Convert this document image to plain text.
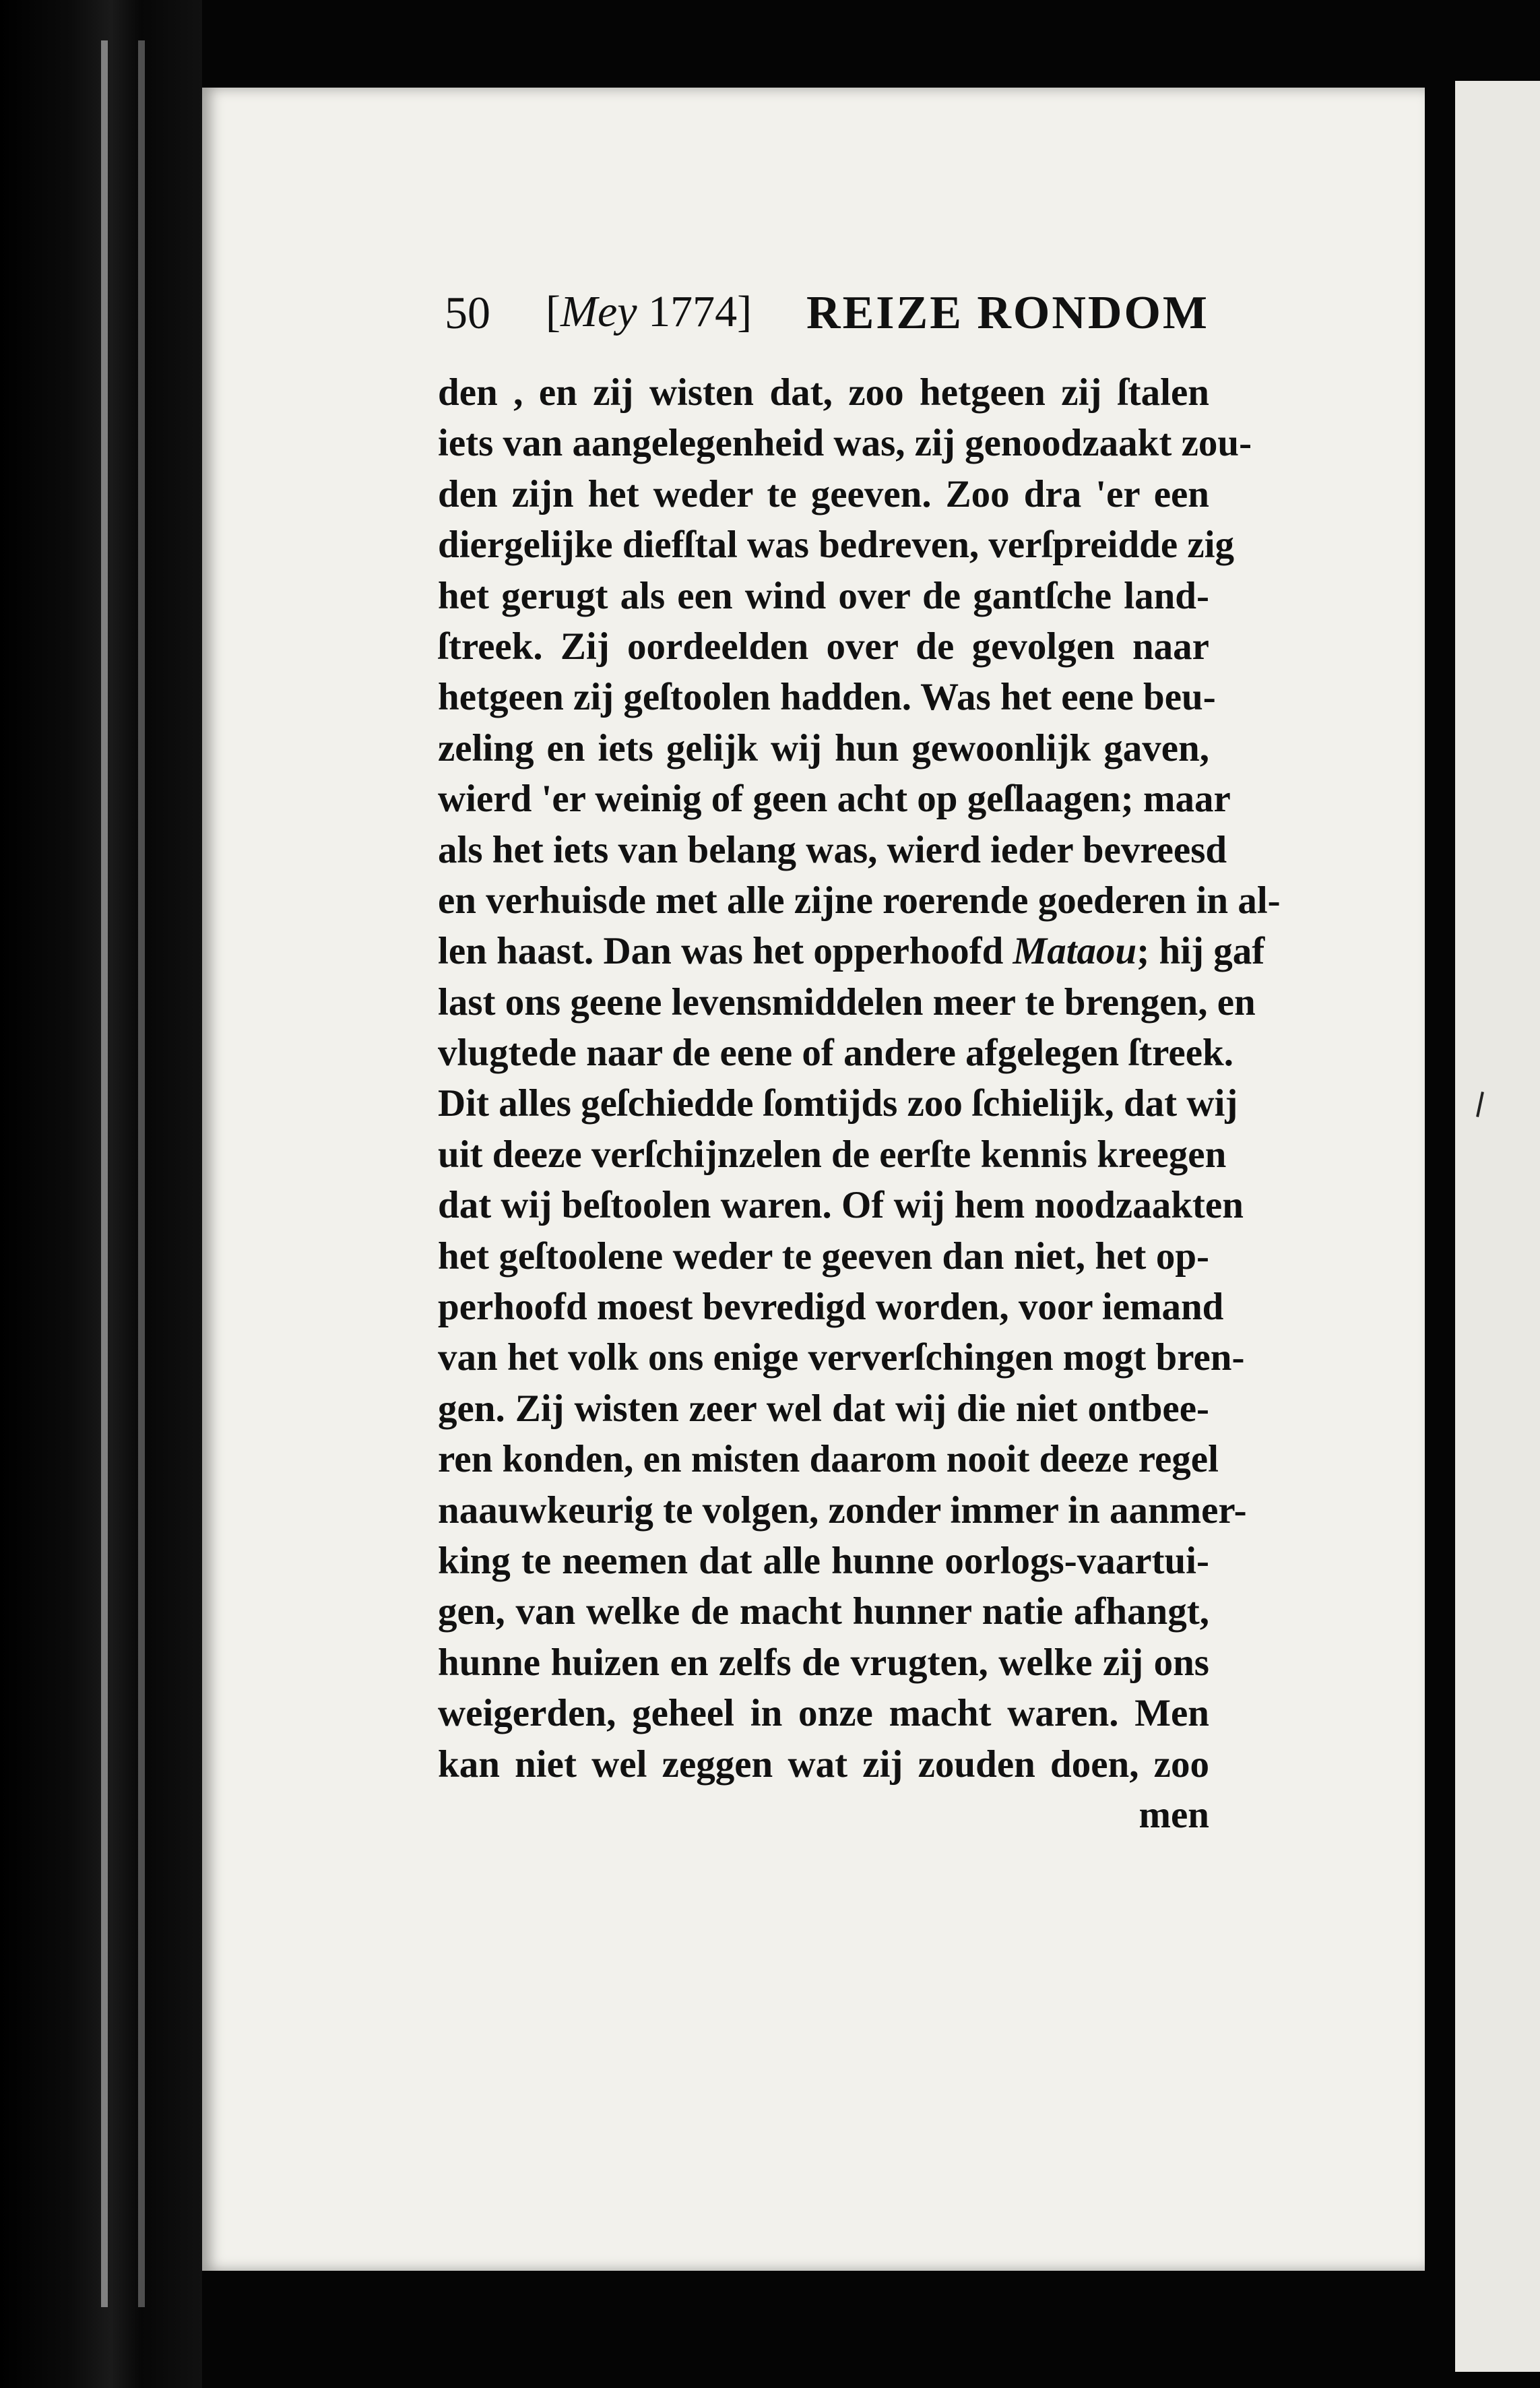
50 [Mey 1774] REIZE RONDOM
den , en zij wisten dat, zoo hetgeen zij ſtalen
iets van aangelegenheid was, zij genoodzaakt zou-
den zijn het weder te geeven. Zoo dra 'er een
diergelijke diefſtal was bedreven, verſpreidde zig
het gerugt als een wind over de gantſche land-
ſtreek. Zij oordeelden over de gevolgen naar
hetgeen zij geſtoolen hadden. Was het eene beu-
zeling en iets gelijk wij hun gewoonlijk gaven,
wierd 'er weinig of geen acht op geſlaagen; maar
als het iets van belang was, wierd ieder bevreesd
en verhuisde met alle zijne roerende goederen in al-
len haast. Dan was het opperhoofd Mataou; hij gaf
last ons geene levensmiddelen meer te brengen, en
vlugtede naar de eene of andere afgelegen ſtreek.
Dit alles geſchiedde ſomtijds zoo ſchielijk, dat wij
uit deeze verſchijnzelen de eerſte kennis kreegen
dat wij beſtoolen waren. Of wij hem noodzaakten
het geſtoolene weder te geeven dan niet, het op-
perhoofd moest bevredigd worden, voor iemand
van het volk ons enige ververſchingen mogt bren-
gen. Zij wisten zeer wel dat wij die niet ontbee-
ren konden, en misten daarom nooit deeze regel
naauwkeurig te volgen, zonder immer in aanmer-
king te neemen dat alle hunne oorlogs-vaartui-
gen, van welke de macht hunner natie afhangt,
hunne huizen en zelfs de vrugten, welke zij ons
weigerden, geheel in onze macht waren. Men
kan niet wel zeggen wat zij zouden doen, zoo
men
